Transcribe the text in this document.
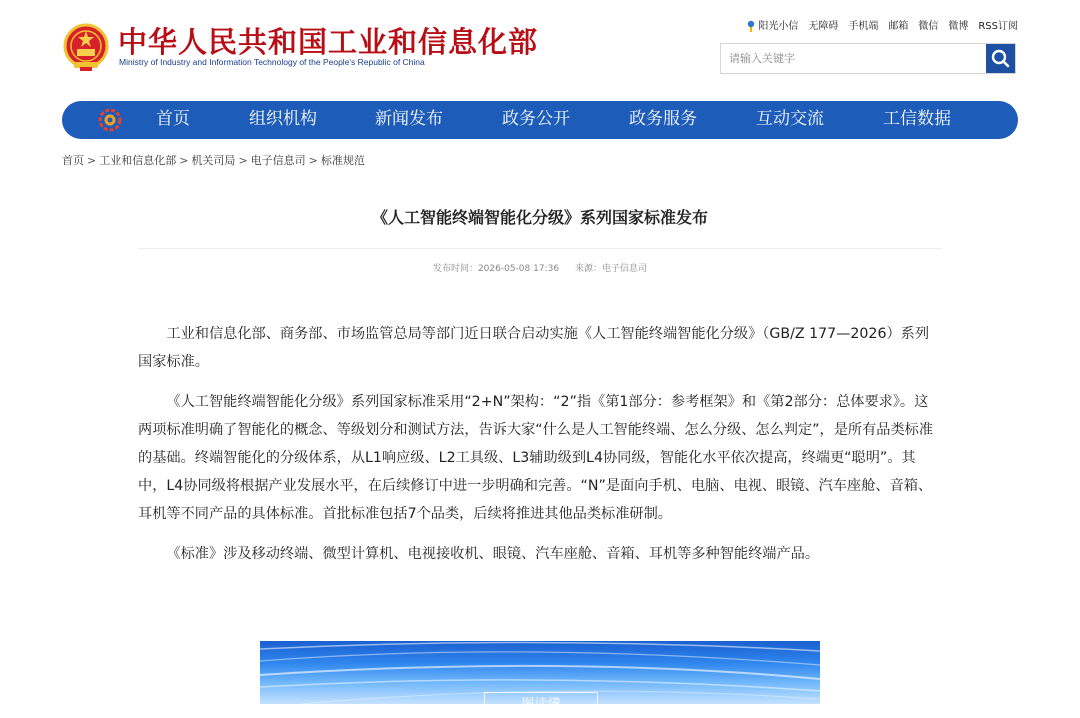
中华人民共和国工业和信息化部
Ministry of Industry and Information Technology of the People's Republic of China
阳光小信 无障碍 手机端 邮箱 微信 微博 RSS订阅
请输入关键字
首页	组织机构	新闻发布	政务公开	政务服务	互动交流	工信数据
首页 > 工业和信息化部 > 机关司局 > 电子信息司 > 标准规范
《人工智能终端智能化分级》系列国家标准发布
发布时间：2026-05-08 17:36 来源：电子信息司

工业和信息化部、商务部、市场监管总局等部门近日联合启动实施《人工智能终端智能化分级》（GB/Z 177—2026）系列国家标准。

《人工智能终端智能化分级》系列国家标准采用“2+N”架构：“2”指《第1部分：参考框架》和《第2部分：总体要求》。这两项标准明确了智能化的概念、等级划分和测试方法，告诉大家“什么是人工智能终端、怎么分级、怎么判定”，是所有品类标准的基础。终端智能化的分级体系，从L1响应级、L2工具级、L3辅助级到L4协同级，智能化水平依次提高，终端更“聪明”。其中，L4协同级将根据产业发展水平，在后续修订中进一步明确和完善。“N”是面向手机、电脑、电视、眼镜、汽车座舱、音箱、耳机等不同产品的具体标准。首批标准包括7个品类，后续将推进其他品类标准研制。

《标准》涉及移动终端、微型计算机、电视接收机、眼镜、汽车座舱、音箱、耳机等多种智能终端产品。

图读懂
